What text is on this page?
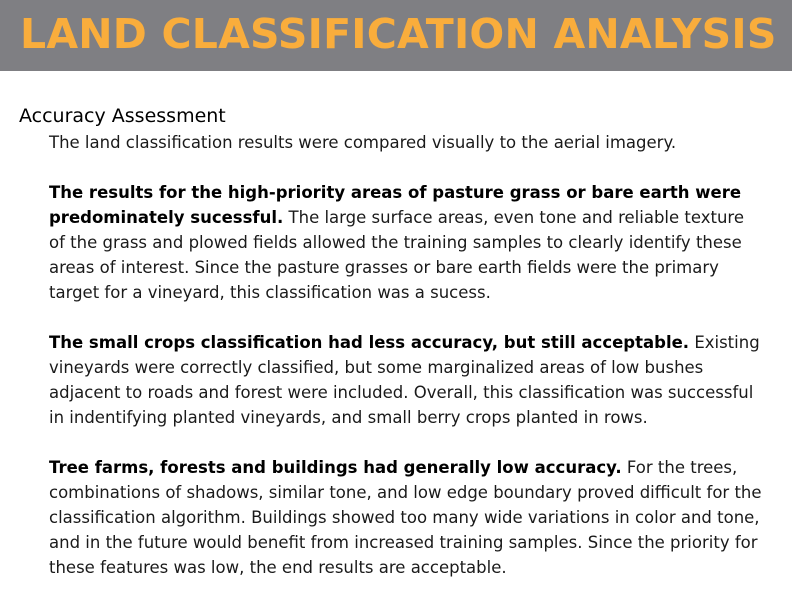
LAND CLASSIFICATION ANALYSIS
Accuracy Assessment

The land classification results were compared visually to the aerial imagery.

The results for the high-priority areas of pasture grass or bare earth were predominately sucessful. The large surface areas, even tone and reliable texture of the grass and plowed fields allowed the training samples to clearly identify these areas of interest. Since the pasture grasses or bare earth fields were the primary target for a vineyard, this classification was a sucess.

The small crops classification had less accuracy, but still acceptable. Existing vineyards were correctly classified, but some marginalized areas of low bushes adjacent to roads and forest were included. Overall, this classification was successful in indentifying planted vineyards, and small berry crops planted in rows.

Tree farms, forests and buildings had generally low accuracy. For the trees, combinations of shadows, similar tone, and low edge boundary proved difficult for the classification algorithm. Buildings showed too many wide variations in color and tone, and in the future would benefit from increased training samples. Since the priority for these features was low, the end results are acceptable.
